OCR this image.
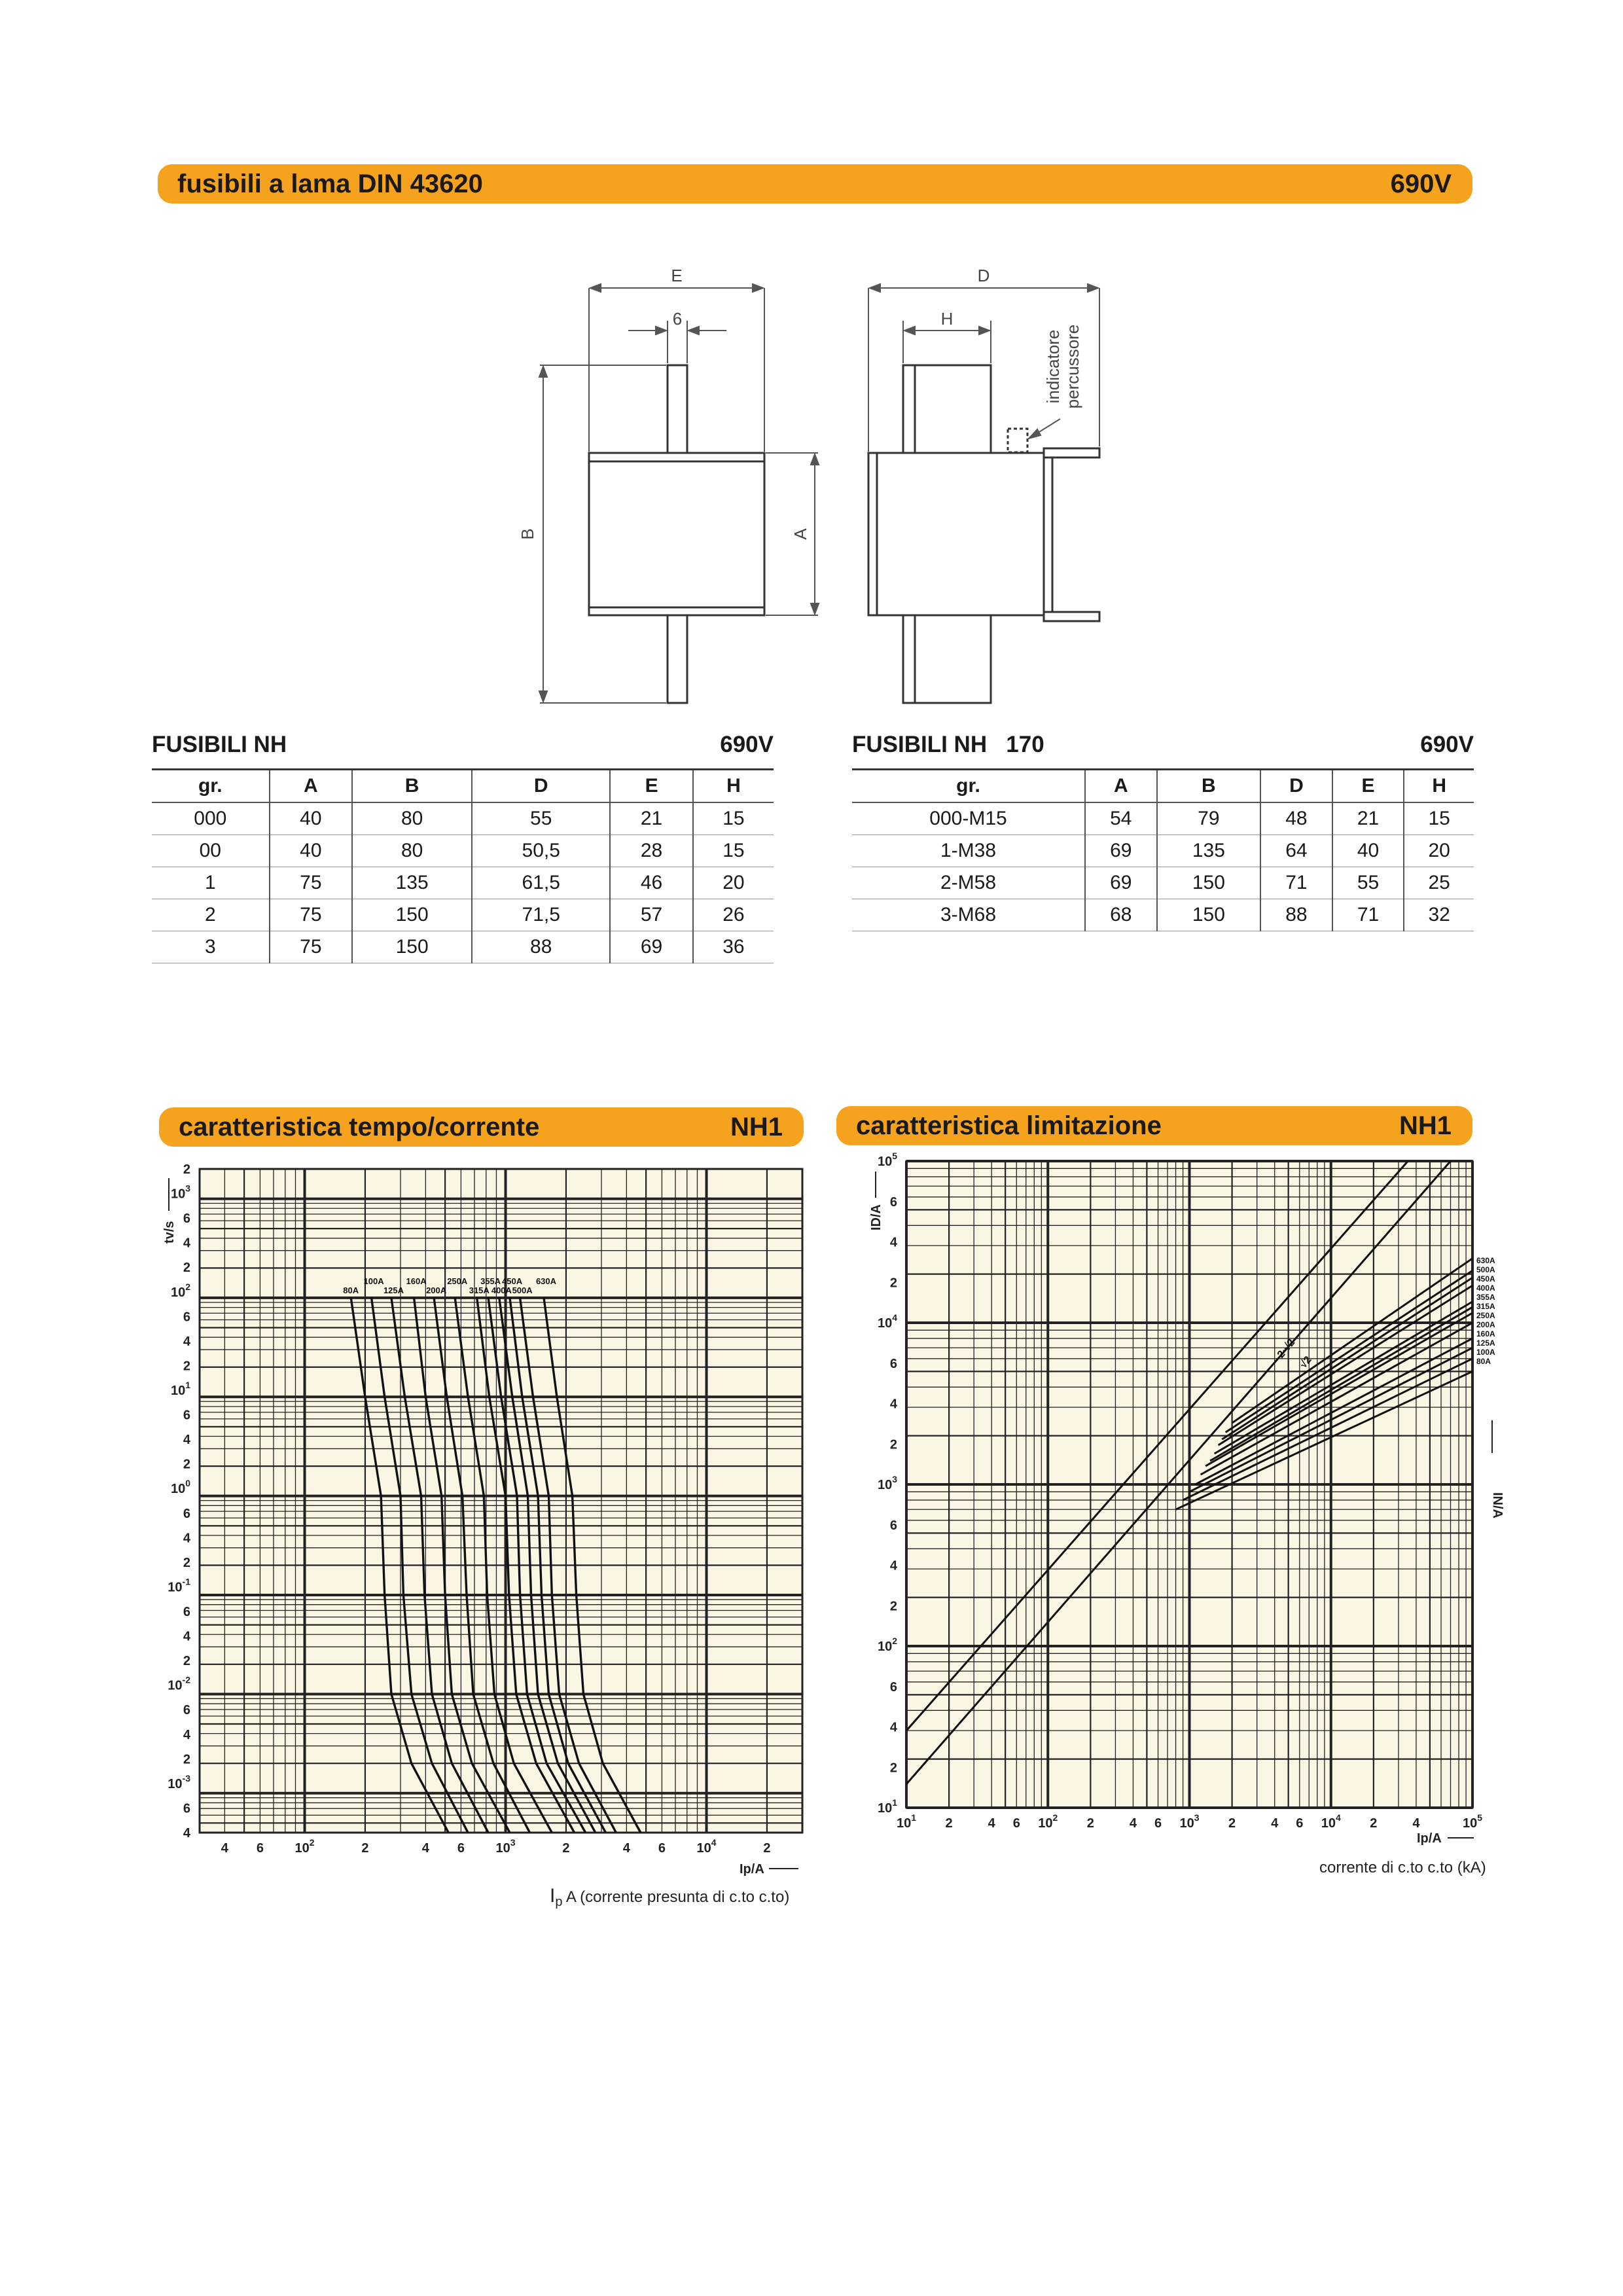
fusibili a lama DIN 43620	690V
E
6
D
H
B	A
indicatore percussore
FUSIBILI NH	690V	FUSIBILI NH   170	690V
gr.	A	B	D	E	H
000	40	80	55	21	15
00	40	80	50,5	28	15
1	75	135	61,5	46	20
2	75	150	71,5	57	26
3	75	150	88	69	36
gr.	A	B	D	E	H
000-M15	54	79	48	21	15
1-M38	69	135	64	40	20
2-M58	69	150	71	55	25
3-M68	68	150	88	71	32
caratteristica tempo/corrente	NH1	caratteristica limitazione	NH1
80A
100A
125A
160A
200A
250A
315A
355A
400A
450A
500A
630A
2
$10^3$
6
4
2
$10^2$
6
4
2
$10^1$
6
4
2
$10^0$
6
4
2
$10^{-1}$
6
4
2
$10^{-2}$
6
4
2
$10^{-3}$
6
4
4 6 $10^2$	2	4 6 $10^3$	2	4 6 $10^4$	2
tv/s
Ip/A
2·√2
√2
630A
500A
450A
400A
355A
315A
250A
200A
160A
125A
100A
80A
$10^5$
6
4
2
$10^4$
6
4
2
$10^3$
6
4
2
$10^2$
6
4
2
$10^1$
$10^1$ 2	4 6 $10^2$ 2	4 6 $10^3$ 2	4 6 $10^4$ 2	4	$10^5$
ID/A
IN/A
Ip/A
$I_p$ A (corrente presunta di c.to c.to)
corrente di c.to c.to (kA)
